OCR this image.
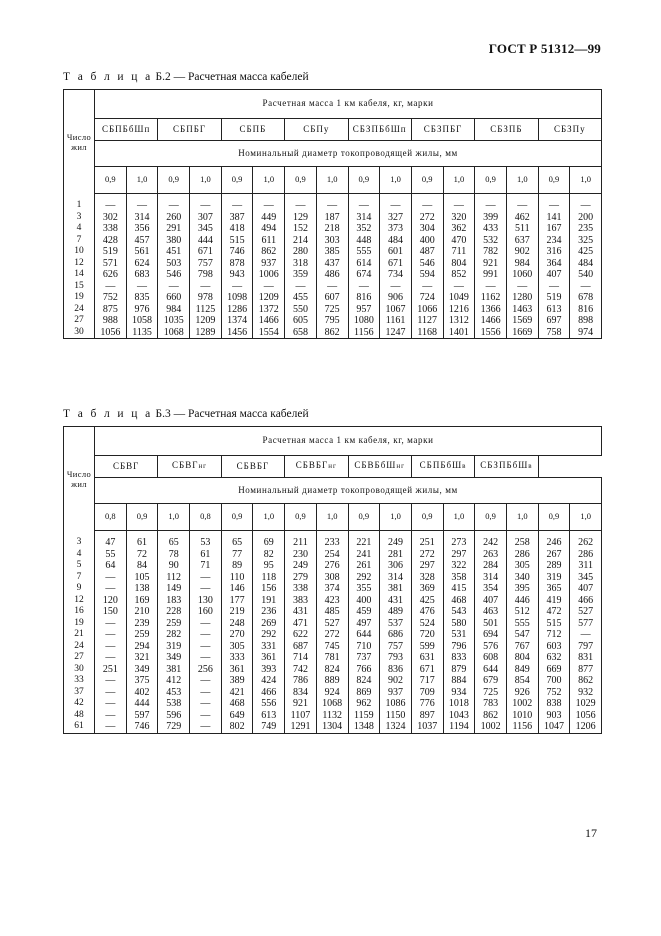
ГОСТ Р 51312—99
Т а б л и ц а Б.2 — Расчетная масса кабелей
Число
жил	Расчетная масса 1 км кабеля, кг, марки															
	СБПБбШп		СБПБГ		СБПБ		СБПу		СБЗПБбШп		СБЗПБГ		СБЗПБ		СБЗПу	
	Номинальный диаметр токопроводящей жилы, мм															
	0,9	1,0	0,9	1,0	0,9	1,0	0,9	1,0	0,9	1,0	0,9	1,0	0,9	1,0	0,9	1,0

1	—	—	—	—	—	—	—	—	—	—	—	—	—	—	—	—
3	302	314	260	307	387	449	129	187	314	327	272	320	399	462	141	200
4	338	356	291	345	418	494	152	218	352	373	304	362	433	511	167	235
7	428	457	380	444	515	611	214	303	448	484	400	470	532	637	234	325
10	519	561	451	671	746	862	280	385	555	601	487	711	782	902	316	425
12	571	624	503	757	878	937	318	437	614	671	546	804	921	984	364	484
14	626	683	546	798	943	1006	359	486	674	734	594	852	991	1060	407	540
15	—	—	—	—	—	—	—	—	—	—	—	—	—	—	—	—
19	752	835	660	978	1098	1209	455	607	816	906	724	1049	1162	1280	519	678
24	875	976	984	1125	1286	1372	550	725	957	1067	1066	1216	1366	1463	613	816
27	988	1058	1035	1209	1374	1466	605	795	1080	1161	1127	1312	1466	1569	697	898
30	1056	1135	1068	1289	1456	1554	658	862	1156	1247	1168	1401	1556	1669	758	974
Т а б л и ц а Б.3 — Расчетная масса кабелей
Число
жил	Расчетная масса 1 км кабеля, кг, марки															
	СБВГ		СБВГнг		СБВБГ		СБВБГнг		СБВБбШнг		СБПБбШв		СБЗПБбШв			
	Номинальный диаметр токопроводящей жилы, мм															
	0,8	0,9	1,0	0,8	0,9	1,0	0,9	1,0	0,9	1,0	0,9	1,0	0,9	1,0	0,9	1,0

3	47	61	65	53	65	69	211	233	221	249	251	273	242	258	246	262
4	55	72	78	61	77	82	230	254	241	281	272	297	263	286	267	286
5	64	84	90	71	89	95	249	276	261	306	297	322	284	305	289	311
7	—	105	112	—	110	118	279	308	292	314	328	358	314	340	319	345
9	—	138	149	—	146	156	338	374	355	381	369	415	354	395	365	407
12	120	169	183	130	177	191	383	423	400	431	425	468	407	446	419	466
16	150	210	228	160	219	236	431	485	459	489	476	543	463	512	472	527
19	—	239	259	—	248	269	471	527	497	537	524	580	501	555	515	577
21	—	259	282	—	270	292	622	272	644	686	720	531	694	547	712	—
24	—	294	319	—	305	331	687	745	710	757	599	796	576	767	603	797
27	—	321	349	—	333	361	714	781	737	793	631	833	608	804	632	831
30	251	349	381	256	361	393	742	824	766	836	671	879	644	849	669	877
33	—	375	412	—	389	424	786	889	824	902	717	884	679	854	700	862
37	—	402	453	—	421	466	834	924	869	937	709	934	725	926	752	932
42	—	444	538	—	468	556	921	1068	962	1086	776	1018	783	1002	838	1029
48	—	597	596	—	649	613	1107	1132	1159	1150	897	1043	862	1010	903	1056
61	—	746	729	—	802	749	1291	1304	1348	1324	1037	1194	1002	1156	1047	1206
17
